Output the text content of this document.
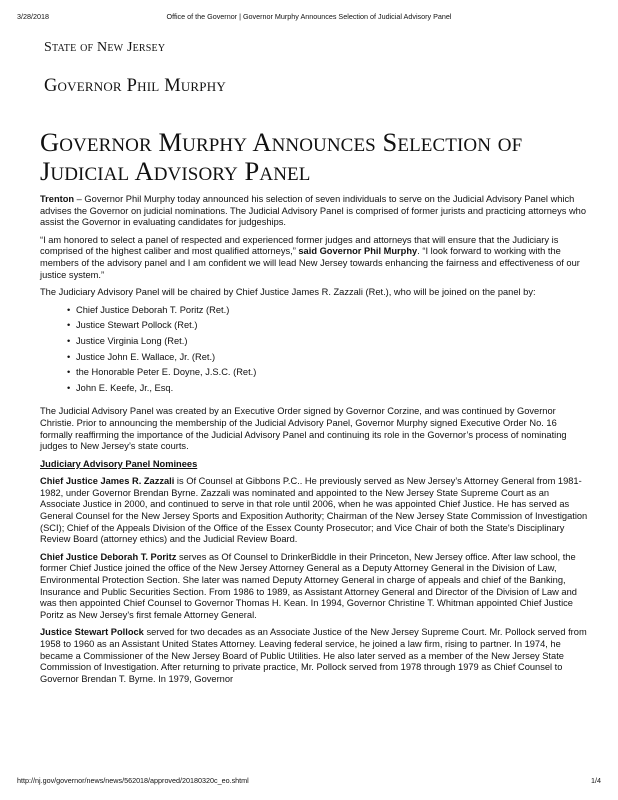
3/28/2018	Office of the Governor | Governor Murphy Announces Selection of Judicial Advisory Panel
State of New Jersey
Governor Phil Murphy
Governor Murphy Announces Selection of Judicial Advisory Panel

Trenton – Governor Phil Murphy today announced his selection of seven individuals to serve on the Judicial Advisory Panel which advises the Governor on judicial nominations. The Judicial Advisory Panel is comprised of former jurists and practicing attorneys who assist the Governor in evaluating candidates for judgeships.

“I am honored to select a panel of respected and experienced former judges and attorneys that will ensure that the Judiciary is comprised of the highest caliber and most qualified attorneys,” said Governor Phil Murphy. “I look forward to working with the members of the advisory panel and I am confident we will lead New Jersey towards enhancing the fairness and effectiveness of our justice system.”

The Judiciary Advisory Panel will be chaired by Chief Justice James R. Zazzali (Ret.), who will be joined on the panel by:

• Chief Justice Deborah T. Poritz (Ret.)
• Justice Stewart Pollock (Ret.)
• Justice Virginia Long (Ret.)
• Justice John E. Wallace, Jr. (Ret.)
• the Honorable Peter E. Doyne, J.S.C. (Ret.)
• John E. Keefe, Jr., Esq.

The Judicial Advisory Panel was created by an Executive Order signed by Governor Corzine, and was continued by Governor Christie. Prior to announcing the membership of the Judicial Advisory Panel, Governor Murphy signed Executive Order No. 16 formally reaffirming the importance of the Judicial Advisory Panel and continuing its role in the Governor’s process of nominating judges to New Jersey’s state courts.

Judiciary Advisory Panel Nominees

Chief Justice James R. Zazzali is Of Counsel at Gibbons P.C.. He previously served as New Jersey’s Attorney General from 1981-1982, under Governor Brendan Byrne. Zazzali was nominated and appointed to the New Jersey State Supreme Court as an Associate Justice in 2000, and continued to serve in that role until 2006, when he was appointed Chief Justice. He has served as General Counsel for the New Jersey Sports and Exposition Authority; Chairman of the New Jersey State Commission of Investigation (SCI); Chief of the Appeals Division of the Office of the Essex County Prosecutor; and Vice Chair of both the State's Disciplinary Review Board (attorney ethics) and the Judicial Review Board.

Chief Justice Deborah T. Poritz serves as Of Counsel to DrinkerBiddle in their Princeton, New Jersey office. After law school, the former Chief Justice joined the office of the New Jersey Attorney General as a Deputy Attorney General in the Division of Law, Environmental Protection Section. She later was named Deputy Attorney General in charge of appeals and chief of the Banking, Insurance and Public Securities Section. From 1986 to 1989, as Assistant Attorney General and Director of the Division of Law and was then appointed Chief Counsel to Governor Thomas H. Kean. In 1994, Governor Christine T. Whitman appointed Chief Justice Poritz as New Jersey's first female Attorney General.

Justice Stewart Pollock served for two decades as an Associate Justice of the New Jersey Supreme Court. Mr. Pollock served from 1958 to 1960 as an Assistant United States Attorney. Leaving federal service, he joined a law firm, rising to partner. In 1974, he became a Commissioner of the New Jersey Board of Public Utilities. He also later served as a member of the New Jersey State Commission of Investigation. After returning to private practice, Mr. Pollock served from 1978 through 1979 as Chief Counsel to Governor Brendan T. Byrne. In 1979, Governor

http://nj.gov/governor/news/news/562018/approved/20180320c_eo.shtml	1/4
